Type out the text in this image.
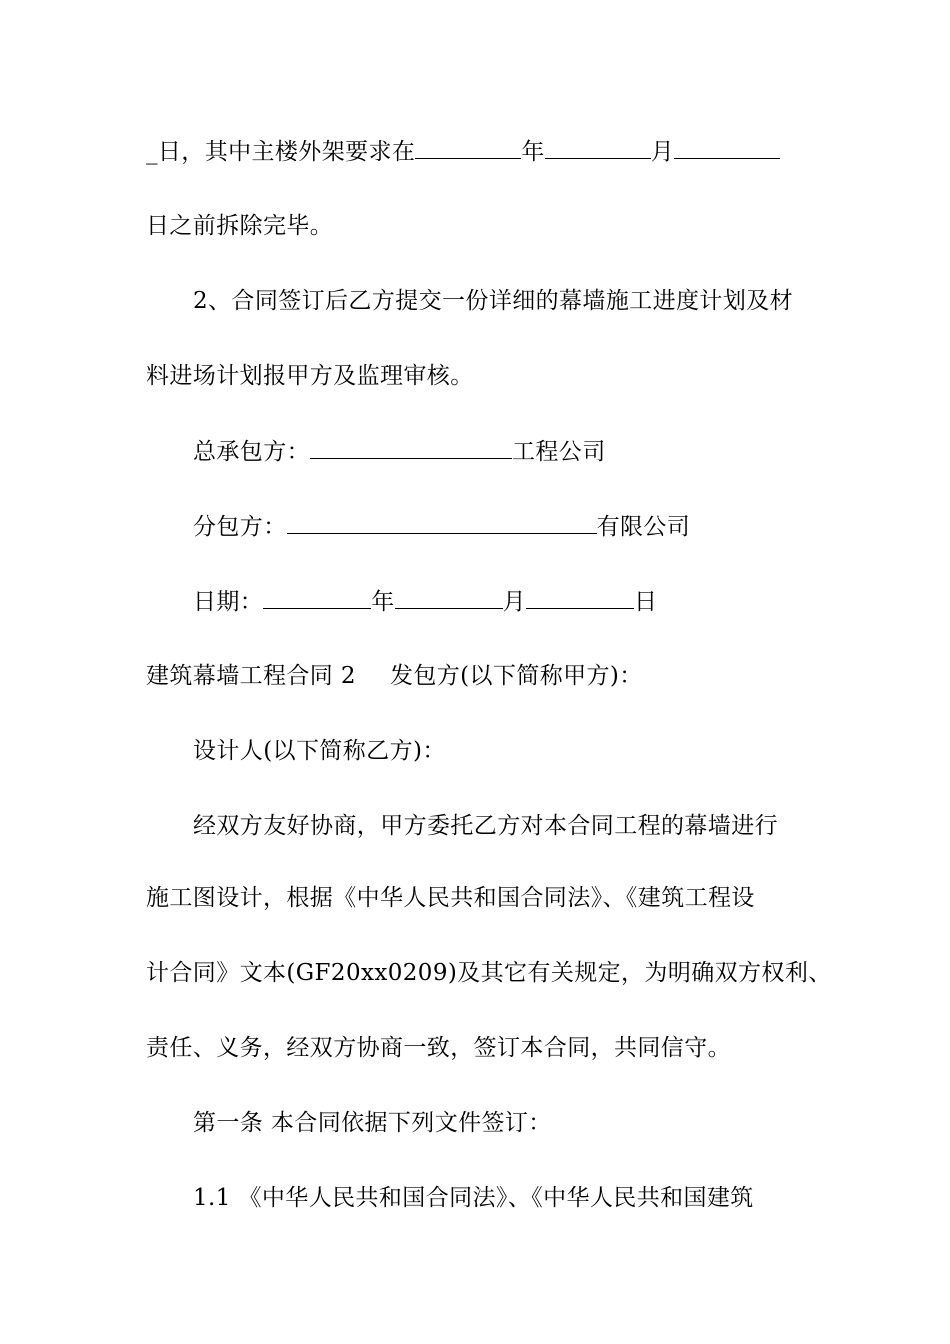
_日，其中主楼外架要求在	年	月
日之前拆除完毕。
2、合同签订后乙方提交一份详细的幕墙施工进度计划及材
料进场计划报甲方及监理审核。
总承包方：	工程公司
分包方：	有限公司
日期：	年	月	日
建筑幕墙工程合同 2 发包方(以下简称甲方)：
设计人(以下简称乙方)：
经双方友好协商，甲方委托乙方对本合同工程的幕墙进行
施工图设计，根据《中华人民共和国合同法》、《建筑工程设
计合同》文本(GF20xx0209)及其它有关规定，为明确双方权利、
责任、义务，经双方协商一致，签订本合同，共同信守。
第一条 本合同依据下列文件签订：
1.1 《中华人民共和国合同法》、《中华人民共和国建筑
